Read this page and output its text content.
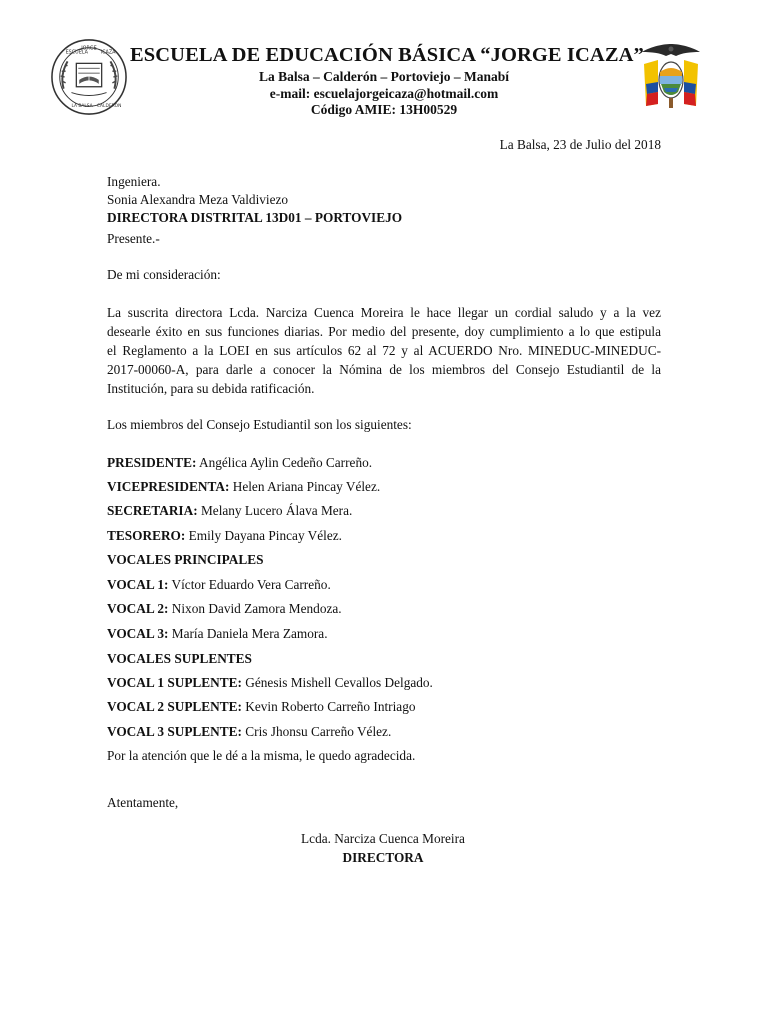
ESCUELA
JORGE
ICAZA
LA BALSA - CALDERON
ESCUELA DE EDUCACIÓN BÁSICA “JORGE ICAZA”
La Balsa – Calderón – Portoviejo – Manabí
e-mail: escuelajorgeicaza@hotmail.com
Código AMIE: 13H00529
La Balsa, 23 de Julio del 2018
Ingeniera.
Sonia Alexandra Meza Valdiviezo
DIRECTORA DISTRITAL 13D01 – PORTOVIEJO
Presente.-
De mi consideración:
La suscrita directora Lcda. Narciza Cuenca Moreira le hace llegar un cordial saludo y a la vez
desearle éxito en sus funciones diarias. Por medio del presente, doy cumplimiento a lo que estipula
el Reglamento a la LOEI en sus artículos 62 al 72 y al ACUERDO Nro. MINEDUC-MINEDUC-
2017-00060-A, para darle a conocer la Nómina de los miembros del Consejo Estudiantil de la
Institución, para su debida ratificación.
Los miembros del Consejo Estudiantil son los siguientes:
PRESIDENTE: Angélica Aylin Cedeño Carreño.
VICEPRESIDENTA: Helen Ariana Pincay Vélez.
SECRETARIA: Melany Lucero Álava Mera.
TESORERO: Emily Dayana Pincay Vélez.
VOCALES PRINCIPALES
VOCAL 1: Víctor Eduardo Vera Carreño.
VOCAL 2: Nixon David Zamora Mendoza.
VOCAL 3: María Daniela Mera Zamora.
VOCALES SUPLENTES
VOCAL 1 SUPLENTE: Génesis Mishell Cevallos Delgado.
VOCAL 2 SUPLENTE: Kevin Roberto Carreño Intriago
VOCAL 3 SUPLENTE: Cris Jhonsu Carreño Vélez.
Por la atención que le dé a la misma, le quedo agradecida.
Atentamente,
Lcda. Narciza Cuenca Moreira
DIRECTORA
